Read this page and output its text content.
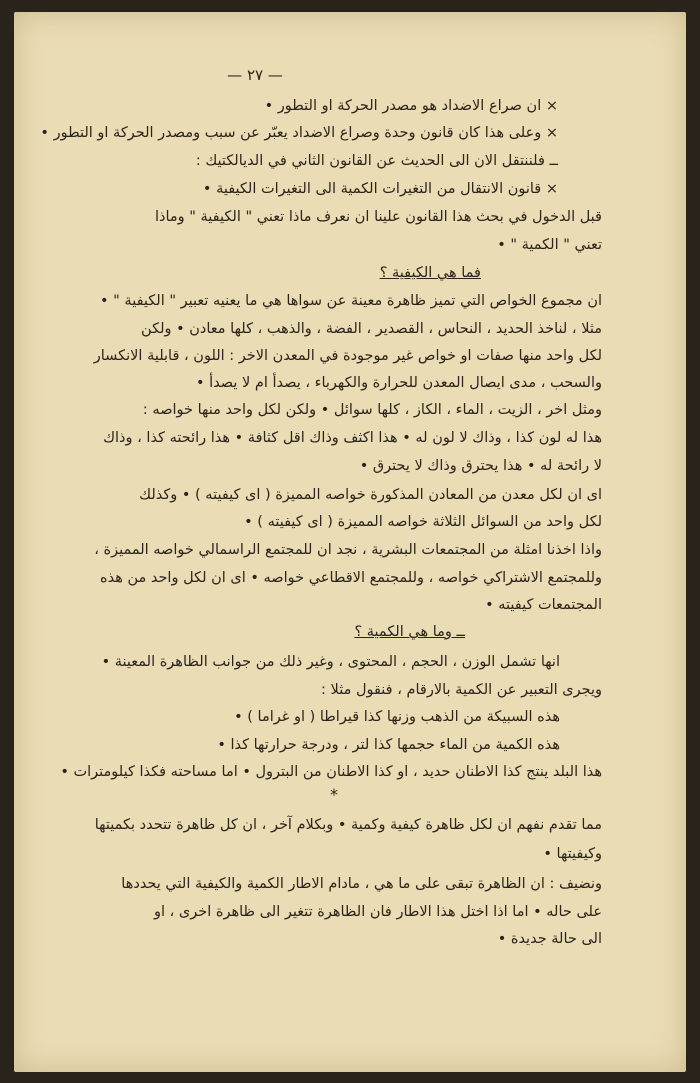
— ٢٧ —
× ان صراع الاضداد هو مصدر الحركة او التطور •
× وعلى هذا كان قانون وحدة وصراع الاضداد يعبّر عن سبب ومصدر الحركة او التطور •
ــ فلننتقل الان الى الحديث عن القانون الثاني في الديالكتيك :
× قانون الانتقال من التغيرات الكمية الى التغيرات الكيفية •
قبل الدخول في بحث هذا القانون علينا ان نعرف ماذا تعني " الكيفية " وماذا
تعني " الكمية " •
فما هي الكيفية ؟
ان مجموع الخواص التي تميز ظاهرة معينة عن سواها هي ما يعنيه تعبير " الكيفية " •
مثلا ، لناخذ الحديد ، النحاس ، القصدير ، الفضة ، والذهب ، كلها معادن • ولكن
لكل واحد منها صفات او خواص غير موجودة في المعدن الاخر : اللون ، قابلية الانكسار
والسحب ، مدى ايصال المعدن للحرارة والكهرباء ، يصدأ ام لا يصدأ •
ومثل اخر ، الزيت ، الماء ، الكاز ، كلها سوائل • ولكن لكل واحد منها خواصه :
هذا له لون كذا ، وذاك لا لون له • هذا اكثف وذاك اقل كثافة • هذا رائحته كذا ، وذاك
لا رائحة له • هذا يحترق وذاك لا يحترق •
اى ان لكل معدن من المعادن المذكورة خواصه المميزة ( اى كيفيته ) • وكذلك
لكل واحد من السوائل الثلاثة خواصه المميزة ( اى كيفيته ) •
واذا اخذنا امثلة من المجتمعات البشرية ، نجد ان للمجتمع الراسمالي خواصه المميزة ،
وللمجتمع الاشتراكي خواصه ، وللمجتمع الاقطاعي خواصه • اى ان لكل واحد من هذه
المجتمعات كيفيته •
ــ وما هي الكمية ؟
انها تشمل الوزن ، الحجم ، المحتوى ، وغير ذلك من جوانب الظاهرة المعينة •
ويجرى التعبير عن الكمية بالارقام ، فنقول مثلا :
هذه السبيكة من الذهب وزنها كذا قيراطا ( او غراما ) •
هذه الكمية من الماء حجمها كذا لتر ، ودرجة حرارتها كذا •
هذا البلد ينتج كذا الاطنان حديد ، او كذا الاطنان من البترول • اما مساحته فكذا كيلومترات •
*
مما تقدم نفهم ان لكل ظاهرة كيفية وكمية • وبكلام آخر ، ان كل ظاهرة تتحدد بكميتها
وكيفيتها •
ونضيف : ان الظاهرة تبقى على ما هي ، مادام الاطار الكمية والكيفية التي يحددها
على حاله • اما اذا اختل هذا الاطار فان الظاهرة تتغير الى ظاهرة اخرى ، او
الى حالة جديدة •
